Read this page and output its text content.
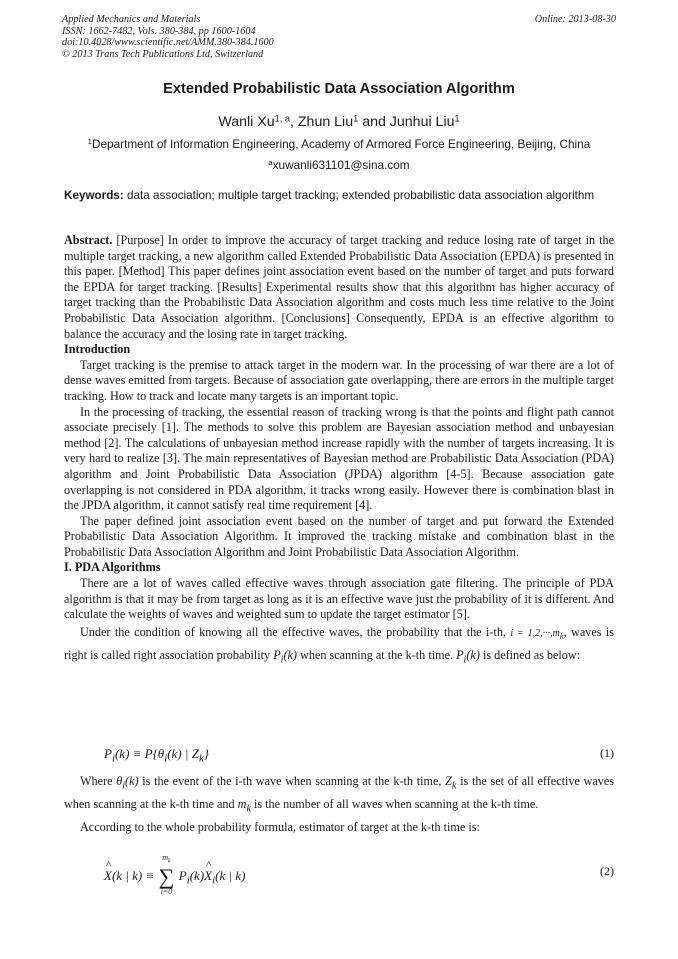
Applied Mechanics and Materials
ISSN: 1662-7482, Vols. 380-384, pp 1600-1604
doi:10.4028/www.scientific.net/AMM.380-384.1600
© 2013 Trans Tech Publications Ltd, Switzerland
Online: 2013-08-30
Extended Probabilistic Data Association Algorithm
Wanli Xu$^{1, a}$, Zhun Liu$^1$ and Junhui Liu$^1$
$^1$Department of Information Engineering, Academy of Armored Force Engineering, Beijing, China
$^a$xuwanli631101@sina.com
Keywords: data association; multiple target tracking; extended probabilistic data association algorithm

Abstract. [Purpose] In order to improve the accuracy of target tracking and reduce losing rate of target in the multiple target tracking, a new algorithm called Extended Probabilistic Data Association (EPDA) is presented in this paper. [Method] This paper defines joint association event based on the number of target and puts forward the EPDA for target tracking. [Results] Experimental results show that this algorithm has higher accuracy of target tracking than the Probabilistic Data Association algorithm and costs much less time relative to the Joint Probabilistic Data Association algorithm. [Conclusions] Consequently, EPDA is an effective algorithm to balance the accuracy and the losing rate in target tracking.

Introduction

Target tracking is the premise to attack target in the modern war. In the processing of war there are a lot of dense waves emitted from targets. Because of association gate overlapping, there are errors in the multiple target tracking. How to track and locate many targets is an important topic.

In the processing of tracking, the essential reason of tracking wrong is that the points and flight path cannot associate precisely [1]. The methods to solve this problem are Bayesian association method and unbayesian method [2]. The calculations of unbayesian method increase rapidly with the number of targets increasing. It is very hard to realize [3]. The main representatives of Bayesian method are Probabilistic Data Association (PDA) algorithm and Joint Probabilistic Data Association (JPDA) algorithm [4-5]. Because association gate overlapping is not considered in PDA algorithm, it tracks wrong easily. However there is combination blast in the JPDA algorithm, it cannot satisfy real time requirement [4].

The paper defined joint association event based on the number of target and put forward the Extended Probabilistic Data Association Algorithm. It improved the tracking mistake and combination blast in the Probabilistic Data Association Algorithm and Joint Probabilistic Data Association Algorithm.

I. PDA Algorithms

There are a lot of waves called effective waves through association gate filtering. The principle of PDA algorithm is that it may be from target as long as it is an effective wave just the probability of it is different. And calculate the weights of waves and weighted sum to update the target estimator [5].

Under the condition of knowing all the effective waves, the probability that the i-th, $i = 1,2,\cdot\cdot\cdot,m_k$, waves is right is called right association probability $P_i(k)$ when scanning at the k-th time. $P_i(k)$ is defined as below:

$P_i(k) \equiv P\{\theta_i(k)$ | $Z_k$}	(1)

Where $\theta_i(k)$ is the event of the i-th wave when scanning at the k-th time, $Z_k$ is the set of all effective waves when scanning at the k-th time and $m_k$ is the number of all waves when scanning at the k-th time.

According to the whole probability formula, estimator of target at the k-th time is:

^ X(k | k) ≡
$m_k$
∑
i=0
$P_i(k)\^{}$ $X_i(k$ | k)	(2)
